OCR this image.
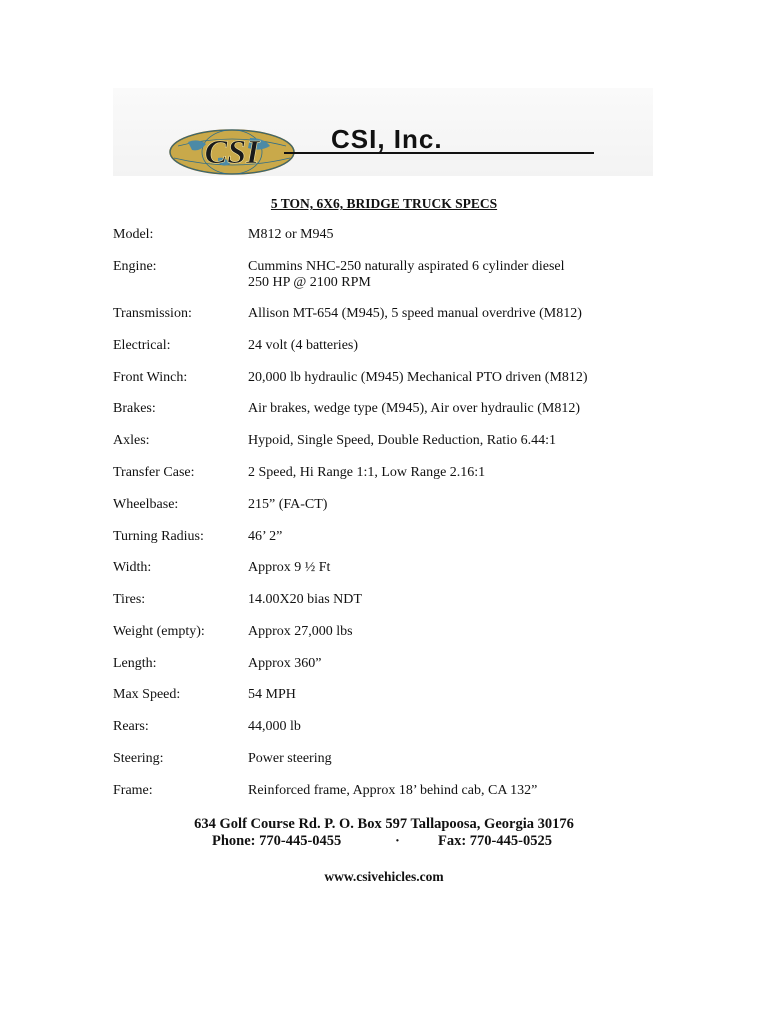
CSI	CSI, Inc.
5 TON, 6X6, BRIDGE TRUCK SPECS
Model:	M812 or M945
Engine:	Cummins NHC-250 naturally aspirated 6 cylinder diesel
250 HP @ 2100 RPM
Transmission:	Allison MT-654 (M945), 5 speed manual overdrive (M812)
Electrical:	24 volt (4 batteries)
Front Winch:	20,000 lb hydraulic (M945) Mechanical PTO driven (M812)
Brakes:	Air brakes, wedge type (M945), Air over hydraulic (M812)
Axles:	Hypoid, Single Speed, Double Reduction, Ratio 6.44:1
Transfer Case:	2 Speed, Hi Range 1:1, Low Range 2.16:1
Wheelbase:	215” (FA-CT)
Turning Radius:	46’ 2”
Width:	Approx 9 ½ Ft
Tires:	14.00X20 bias NDT
Weight (empty):	Approx 27,000 lbs
Length:	Approx 360”
Max Speed:	54 MPH
Rears:	44,000 lb
Steering:	Power steering
Frame:	Reinforced frame, Approx 18’ behind cab, CA 132”
634 Golf Course Rd. P. O. Box 597 Tallapoosa, Georgia 30176
Phone: 770-445-0455	·	Fax: 770-445-0525
www.csivehicles.com
